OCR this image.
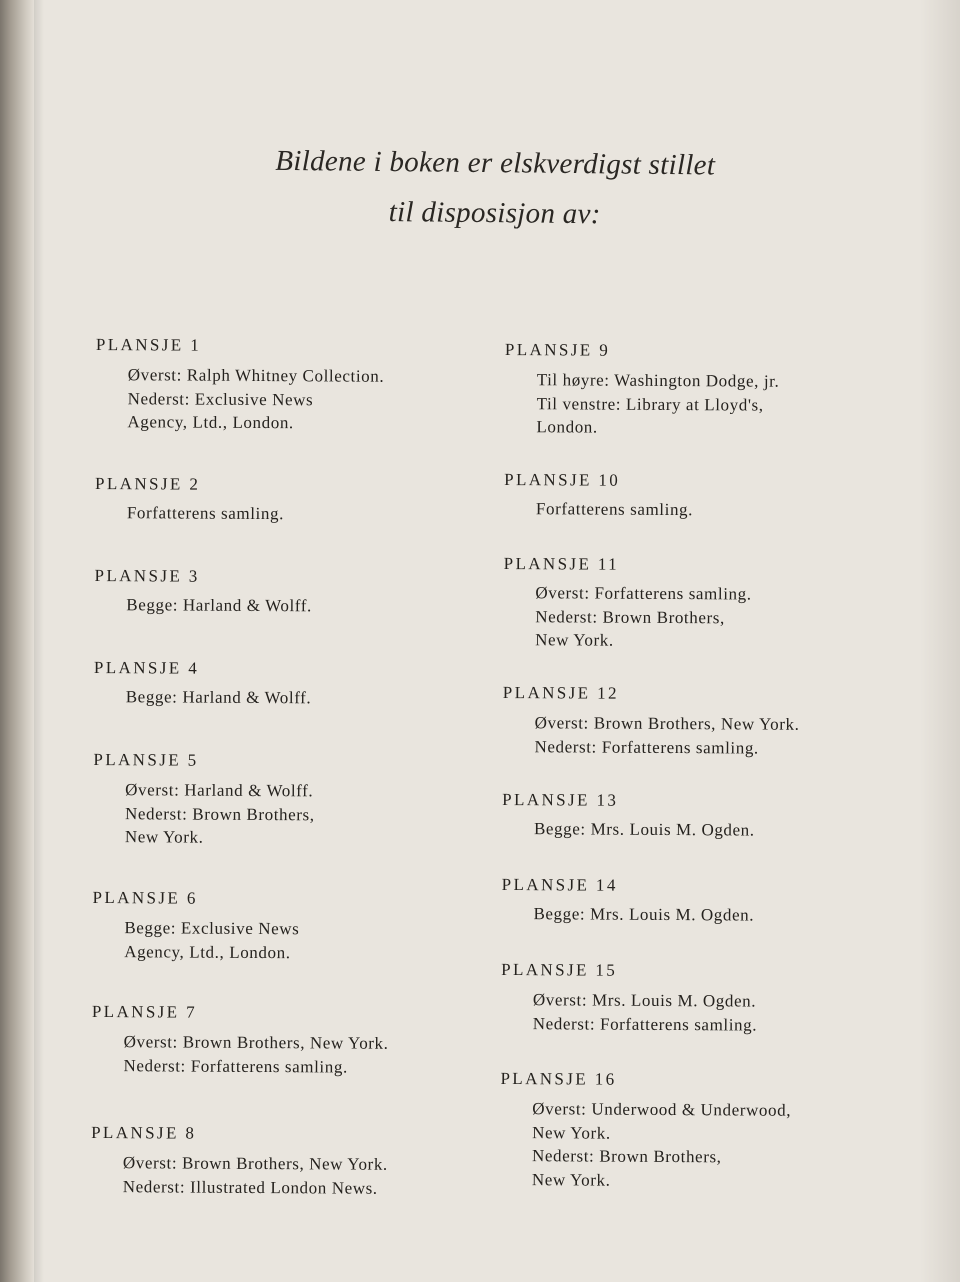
Bildene i boken er elskverdigst stillet
til disposisjon av:
PLANSJE 1
Øverst: Ralph Whitney Collection.
Nederst: Exclusive News
Agency, Ltd., London.
PLANSJE 2
Forfatterens samling.
PLANSJE 3
Begge: Harland & Wolff.
PLANSJE 4
Begge: Harland & Wolff.
PLANSJE 5
Øverst: Harland & Wolff.
Nederst: Brown Brothers,
New York.
PLANSJE 6
Begge: Exclusive News
Agency, Ltd., London.
PLANSJE 7
Øverst: Brown Brothers, New York.
Nederst: Forfatterens samling.
PLANSJE 8
Øverst: Brown Brothers, New York.
Nederst: Illustrated London News.
PLANSJE 9
Til høyre: Washington Dodge, jr.
Til venstre: Library at Lloyd's,
London.
PLANSJE 10
Forfatterens samling.
PLANSJE 11
Øverst: Forfatterens samling.
Nederst: Brown Brothers,
New York.
PLANSJE 12
Øverst: Brown Brothers, New York.
Nederst: Forfatterens samling.
PLANSJE 13
Begge: Mrs. Louis M. Ogden.
PLANSJE 14
Begge: Mrs. Louis M. Ogden.
PLANSJE 15
Øverst: Mrs. Louis M. Ogden.
Nederst: Forfatterens samling.
PLANSJE 16
Øverst: Underwood & Underwood,
New York.
Nederst: Brown Brothers,
New York.
